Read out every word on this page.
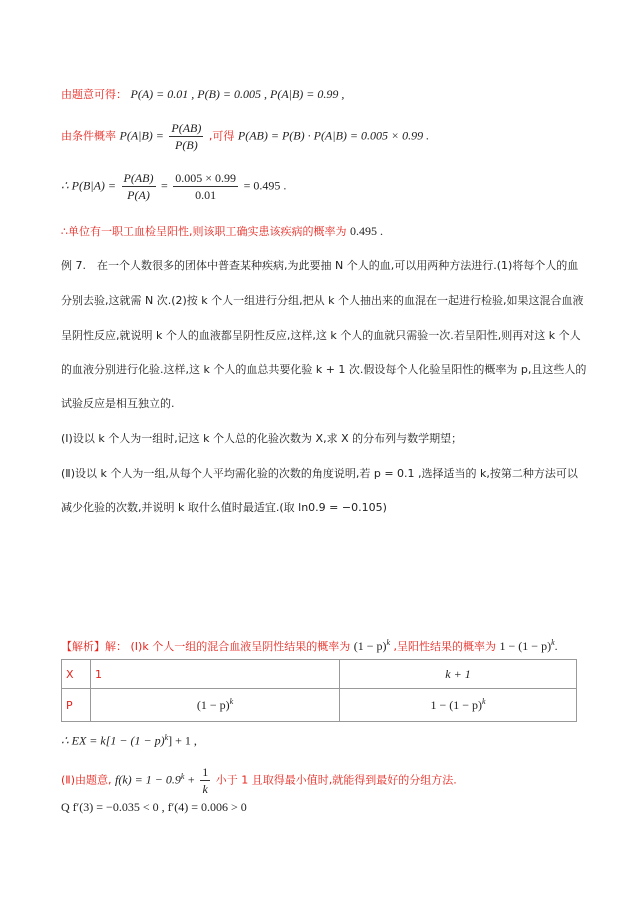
由题意可得： P(A) = 0.01 , P(B) = 0.005 , P(A|B) = 0.99 ,
由条件概率 $P(A|B) = \frac{P(AB)}{P(B)}$ ,可得 P(AB) = P(B) · P(A|B) = 0.005 × 0.99 .
∴ $P(B|A) = \frac{P(AB)}{P(A)} = \frac{0.005 \times 0.99}{0.01} = 0.495$ .
∴单位有一职工血检呈阳性,则该职工确实患该疾病的概率为 0.495 .
例 7.　在一个人数很多的团体中普查某种疾病,为此要抽 N 个人的血,可以用两种方法进行.(1)将每个人的血
分别去验,这就需 N 次.(2)按 k 个人一组进行分组,把从 k 个人抽出来的血混在一起进行检验,如果这混合血液
呈阴性反应,就说明 k 个人的血液都呈阴性反应,这样,这 k 个人的血就只需验一次.若呈阳性,则再对这 k 个人
的血液分别进行化验.这样,这 k 个人的血总共要化验 k + 1 次.假设每个人化验呈阳性的概率为 p,且这些人的
试验反应是相互独立的.
(Ⅰ)设以 k 个人为一组时,记这 k 个人总的化验次数为 X,求 X 的分布列与数学期望；
(Ⅱ)设以 k 个人为一组,从每个人平均需化验的次数的角度说明,若 p = 0.1 ,选择适当的 k,按第二种方法可以
减少化验的次数,并说明 k 取什么值时最适宜.(取 ln0.9 = −0.105)
【解析】解： (Ⅰ)k 个人一组的混合血液呈阴性结果的概率为 $(1 - p)^k$ ,呈阳性结果的概率为 $1 - (1 - p)^k$.
X	1	k + 1
P	$(1 - p)^k$	$1 - (1 - p)^k$
∴ EX = $k[1 - (1 - p)^k] + 1$ ,
(Ⅱ)由题意, $f(k) = 1 - 0.9^k + \frac{1}{k}$ 小于 1 且取得最小值时,就能得到最好的分组方法.
Q f′(3) = −0.035 < 0 , f′(4) = 0.006 > 0
